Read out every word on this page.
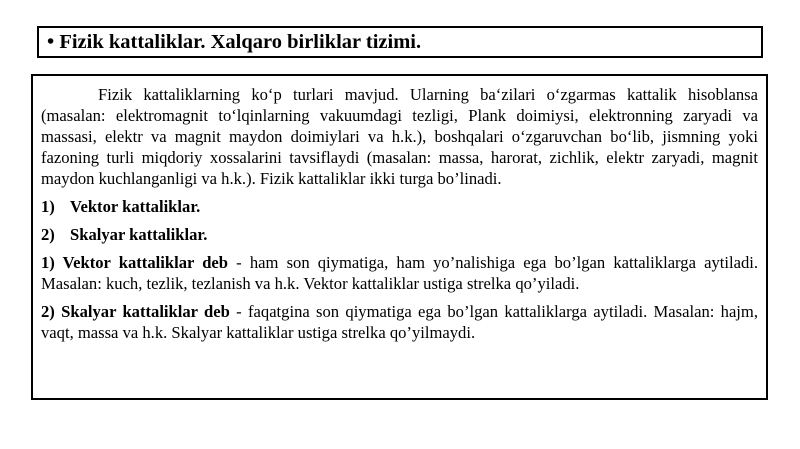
•
Fizik kattaliklar. Xalqaro birliklar tizimi.

Fizik kattaliklarning ko‘p turlari mavjud. Ularning ba‘zilari o‘zgarmas kattalik hisoblansa (masalan: elektromagnit to‘lqinlarning vakuumdagi tezligi, Plank doimiysi, elektronning zaryadi va massasi, elektr va magnit maydon doimiylari va h.k.), boshqalari o‘zgaruvchan bo‘lib, jismning yoki fazoning turli miqdoriy xossalarini tavsiflaydi (masalan: massa, harorat, zichlik, elektr zaryadi, magnit maydon kuchlanganligi va h.k.). Fizik kattaliklar ikki turga bo’linadi.

1) Vektor kattaliklar.
2) Skalyar kattaliklar.

1) Vektor kattaliklar deb - ham son qiymatiga, ham yo’nalishiga ega bo’lgan kattaliklarga aytiladi. Masalan: kuch, tezlik, tezlanish va h.k. Vektor kattaliklar ustiga strelka qo’yiladi.

2) Skalyar kattaliklar deb - faqatgina son qiymatiga ega bo’lgan kattaliklarga aytiladi. Masalan: hajm, vaqt, massa va h.k. Skalyar kattaliklar ustiga strelka qo’yilmaydi.
